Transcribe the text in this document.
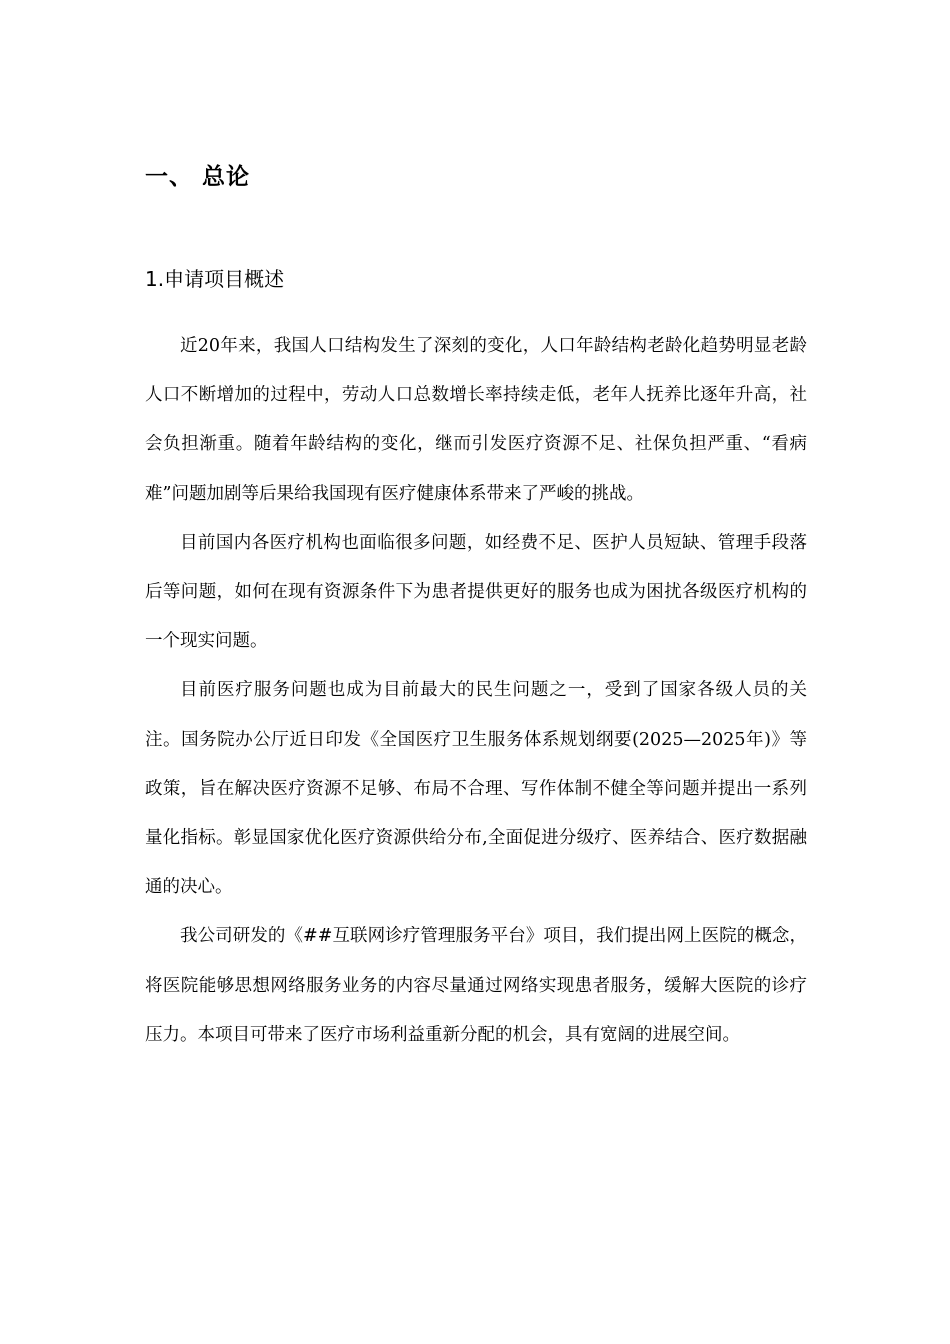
一、 总论
1.申请项目概述

近20年来，我国人口结构发生了深刻的变化，人口年龄结构老龄化趋势明显老龄人口不断增加的过程中，劳动人口总数增长率持续走低，老年人抚养比逐年升高，社会负担渐重。随着年龄结构的变化，继而引发医疗资源不足、社保负担严重、“看病难”问题加剧等后果给我国现有医疗健康体系带来了严峻的挑战。

目前国内各医疗机构也面临很多问题，如经费不足、医护人员短缺、管理手段落后等问题，如何在现有资源条件下为患者提供更好的服务也成为困扰各级医疗机构的一个现实问题。

目前医疗服务问题也成为目前最大的民生问题之一，受到了国家各级人员的关注。国务院办公厅近日印发《全国医疗卫生服务体系规划纲要(2025—2025年)》等政策，旨在解决医疗资源不足够、布局不合理、写作体制不健全等问题并提出一系列量化指标。彰显国家优化医疗资源供给分布,全面促进分级疗、医养结合、医疗数据融通的决心。

我公司研发的《##互联网诊疗管理服务平台》项目，我们提出网上医院的概念，将医院能够思想网络服务业务的内容尽量通过网络实现患者服务，缓解大医院的诊疗压力。本项目可带来了医疗市场利益重新分配的机会，具有宽阔的进展空间。
